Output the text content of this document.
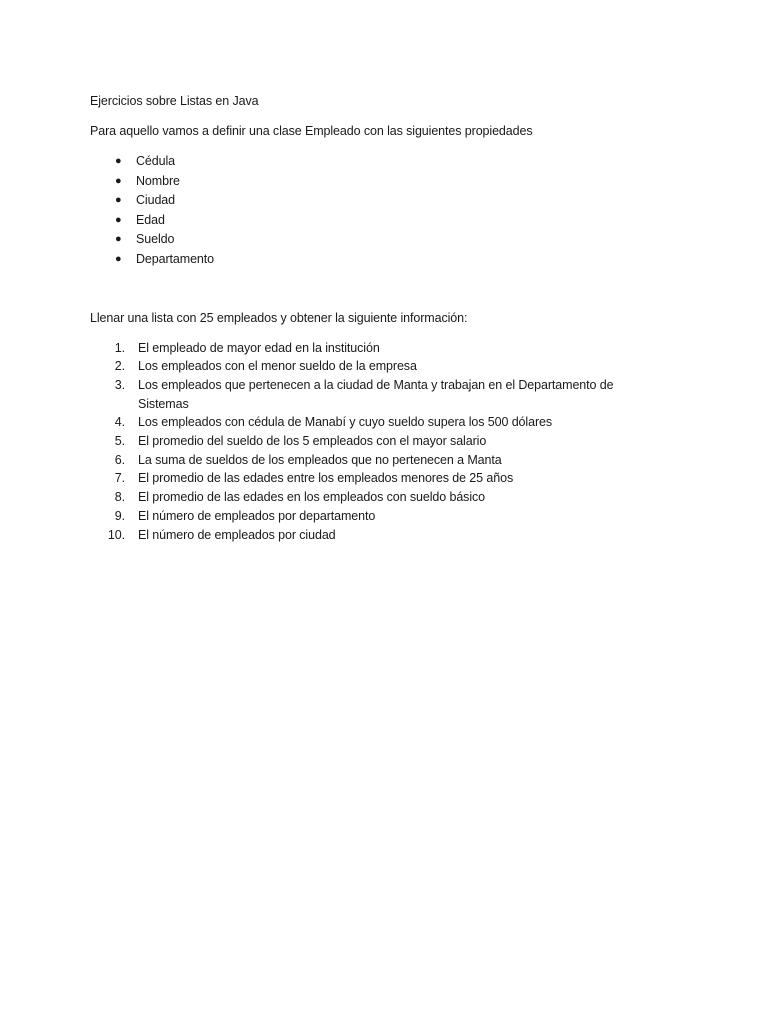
Ejercicios sobre Listas en Java

Para aquello vamos a definir una clase Empleado con las siguientes propiedades

● Cédula
● Nombre
● Ciudad
● Edad
● Sueldo
● Departamento

Llenar una lista con 25 empleados y obtener la siguiente información:

1. El empleado de mayor edad en la institución
2. Los empleados con el menor sueldo de la empresa
3. Los empleados que pertenecen a la ciudad de Manta y trabajan en el Departamento de Sistemas
4. Los empleados con cédula de Manabí y cuyo sueldo supera los 500 dólares
5. El promedio del sueldo de los 5 empleados con el mayor salario
6. La suma de sueldos de los empleados que no pertenecen a Manta
7. El promedio de las edades entre los empleados menores de 25 años
8. El promedio de las edades en los empleados con sueldo básico
9. El número de empleados por departamento
10. El número de empleados por ciudad
